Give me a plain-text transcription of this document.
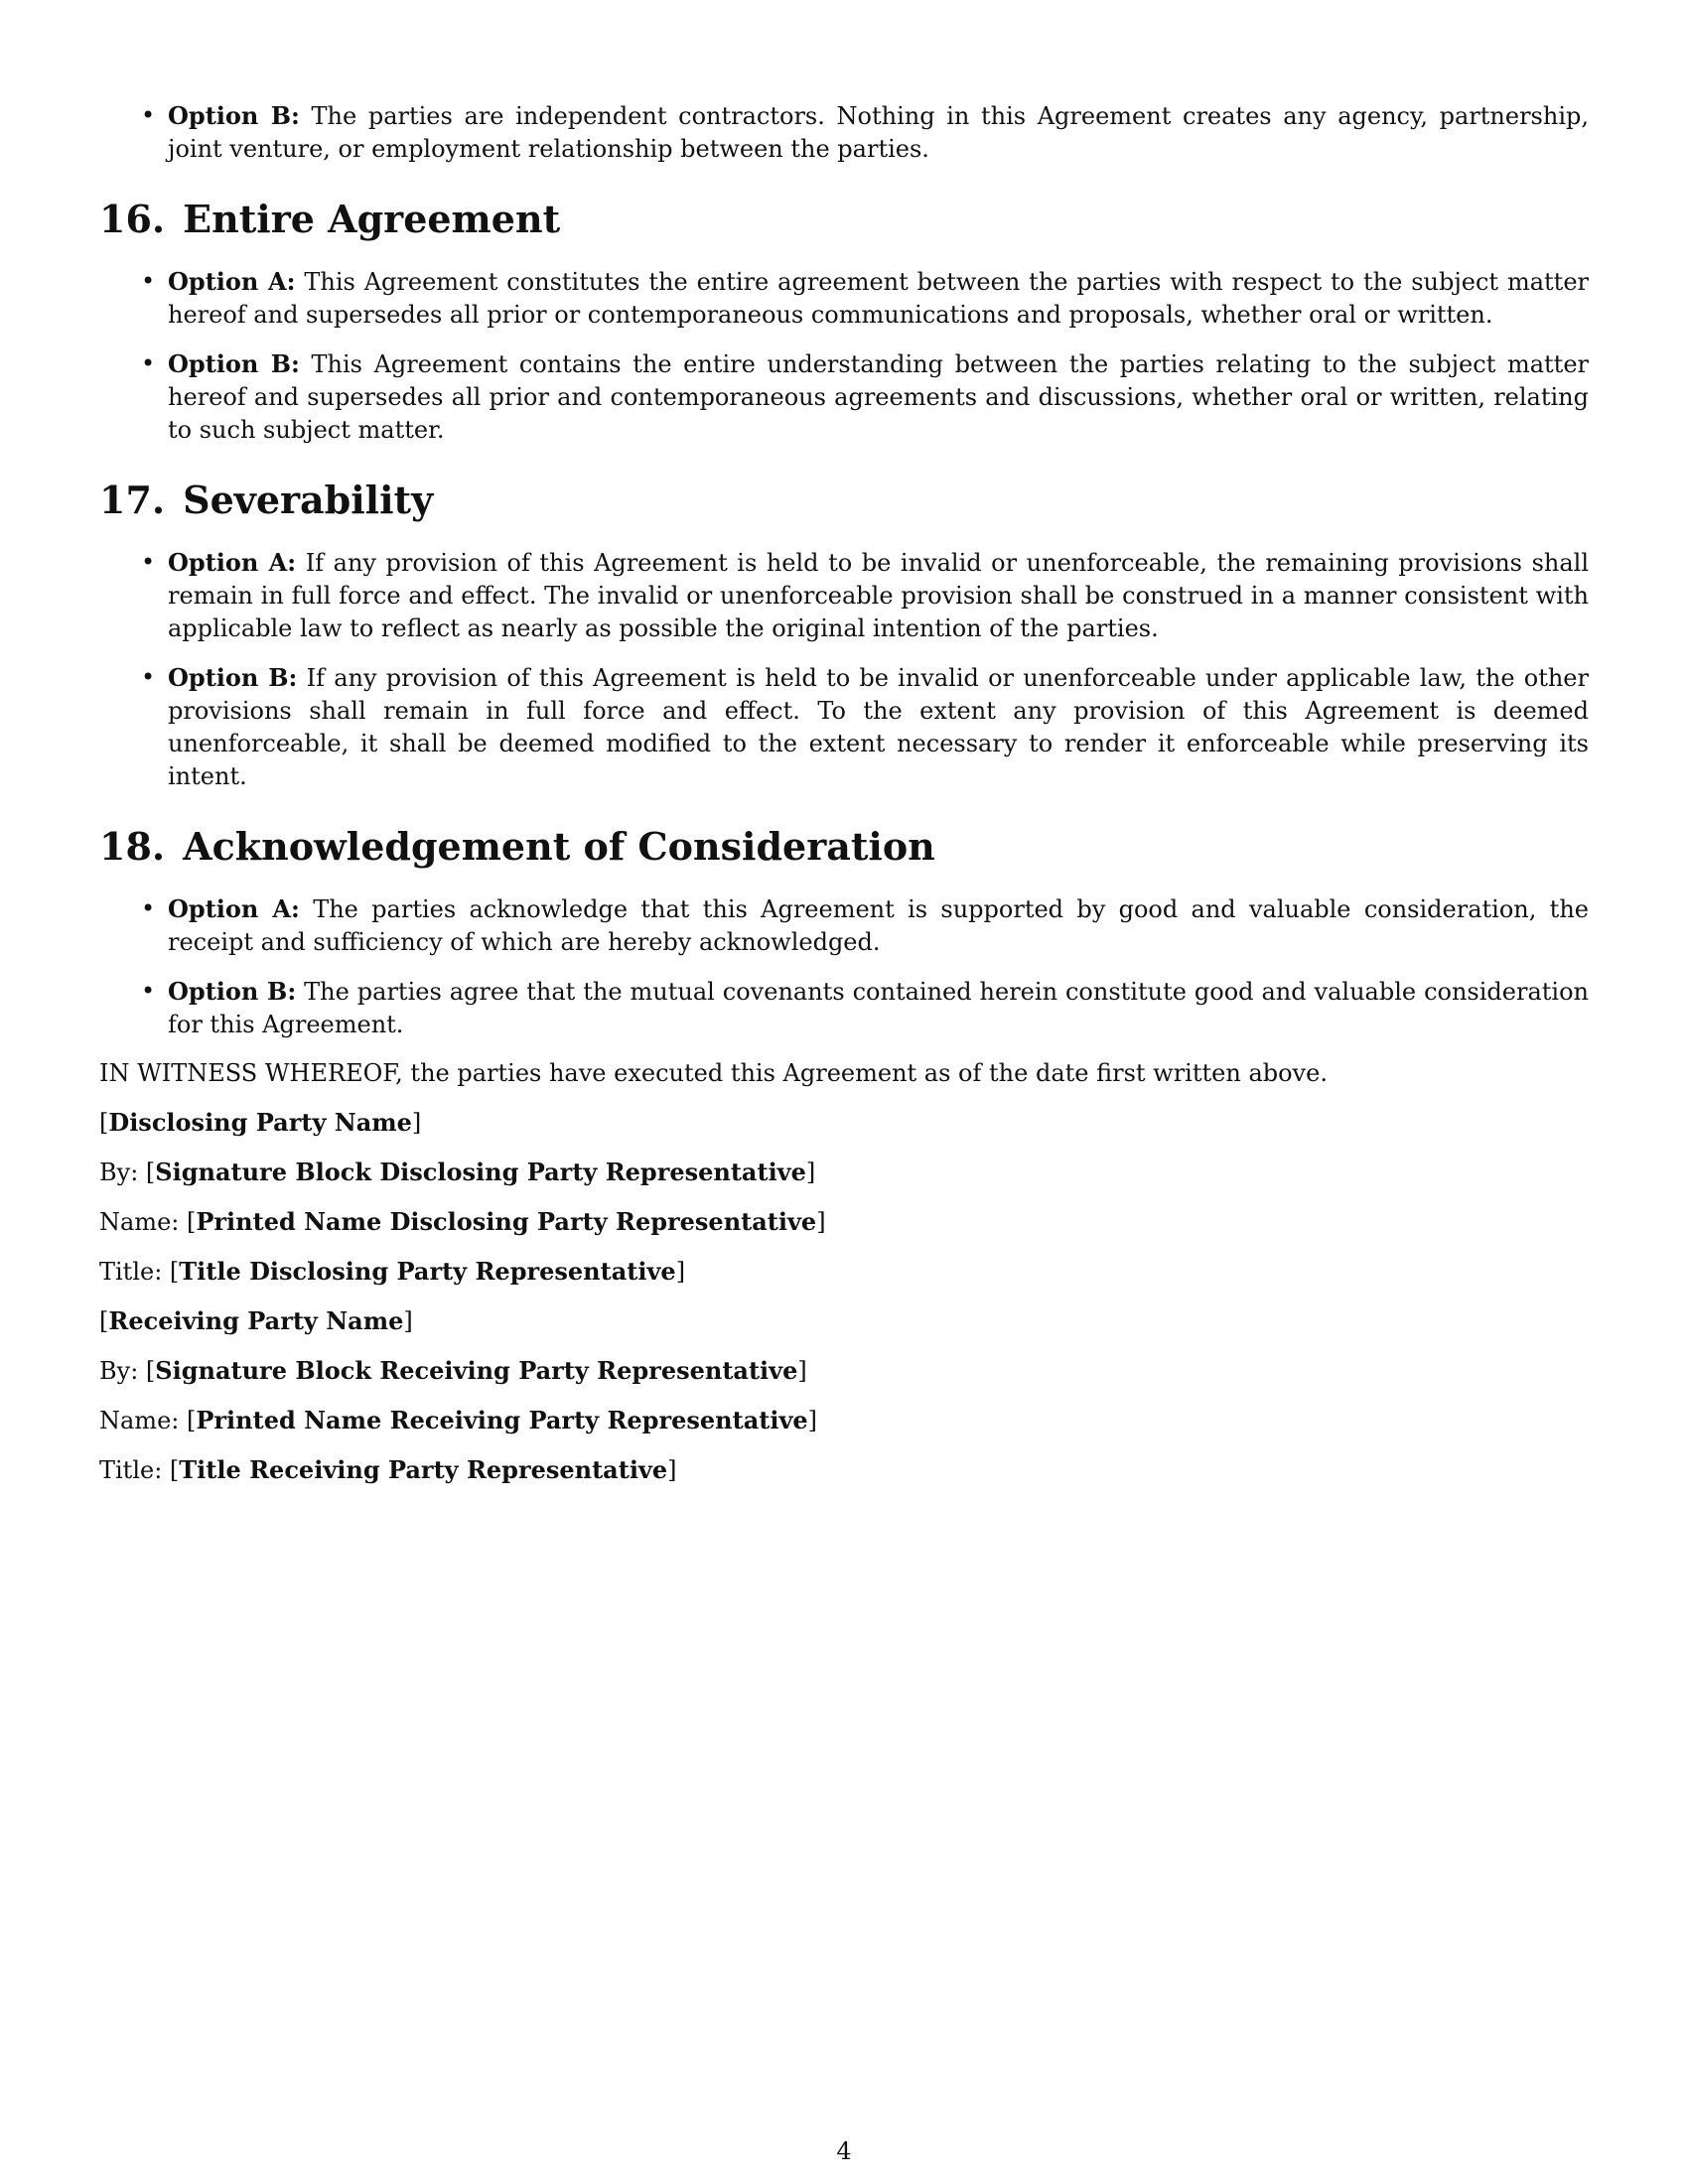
• Option B: The parties are independent contractors. Nothing in this Agreement creates any agency, partnership, joint venture, or employment relationship between the parties.
16. Entire Agreement
• Option A: This Agreement constitutes the entire agreement between the parties with respect to the subject matter hereof and supersedes all prior or contemporaneous communications and proposals, whether oral or written.
• Option B: This Agreement contains the entire understanding between the parties relating to the subject matter hereof and supersedes all prior and contemporaneous agreements and discussions, whether oral or written, relating to such subject matter.
17. Severability
• Option A: If any provision of this Agreement is held to be invalid or unenforceable, the remaining provisions shall remain in full force and effect. The invalid or unenforceable provision shall be construed in a manner consistent with applicable law to reflect as nearly as possible the original intention of the parties.
• Option B: If any provision of this Agreement is held to be invalid or unenforceable under applicable law, the other provisions shall remain in full force and effect. To the extent any provision of this Agreement is deemed unenforceable, it shall be deemed modified to the extent necessary to render it enforceable while preserving its intent.
18. Acknowledgement of Consideration
• Option A: The parties acknowledge that this Agreement is supported by good and valuable consideration, the receipt and sufficiency of which are hereby acknowledged.
• Option B: The parties agree that the mutual covenants contained herein constitute good and valuable consideration for this Agreement.

IN WITNESS WHEREOF, the parties have executed this Agreement as of the date first written above.

[Disclosing Party Name]

By: [Signature Block Disclosing Party Representative]

Name: [Printed Name Disclosing Party Representative]

Title: [Title Disclosing Party Representative]

[Receiving Party Name]

By: [Signature Block Receiving Party Representative]

Name: [Printed Name Receiving Party Representative]

Title: [Title Receiving Party Representative]

4
